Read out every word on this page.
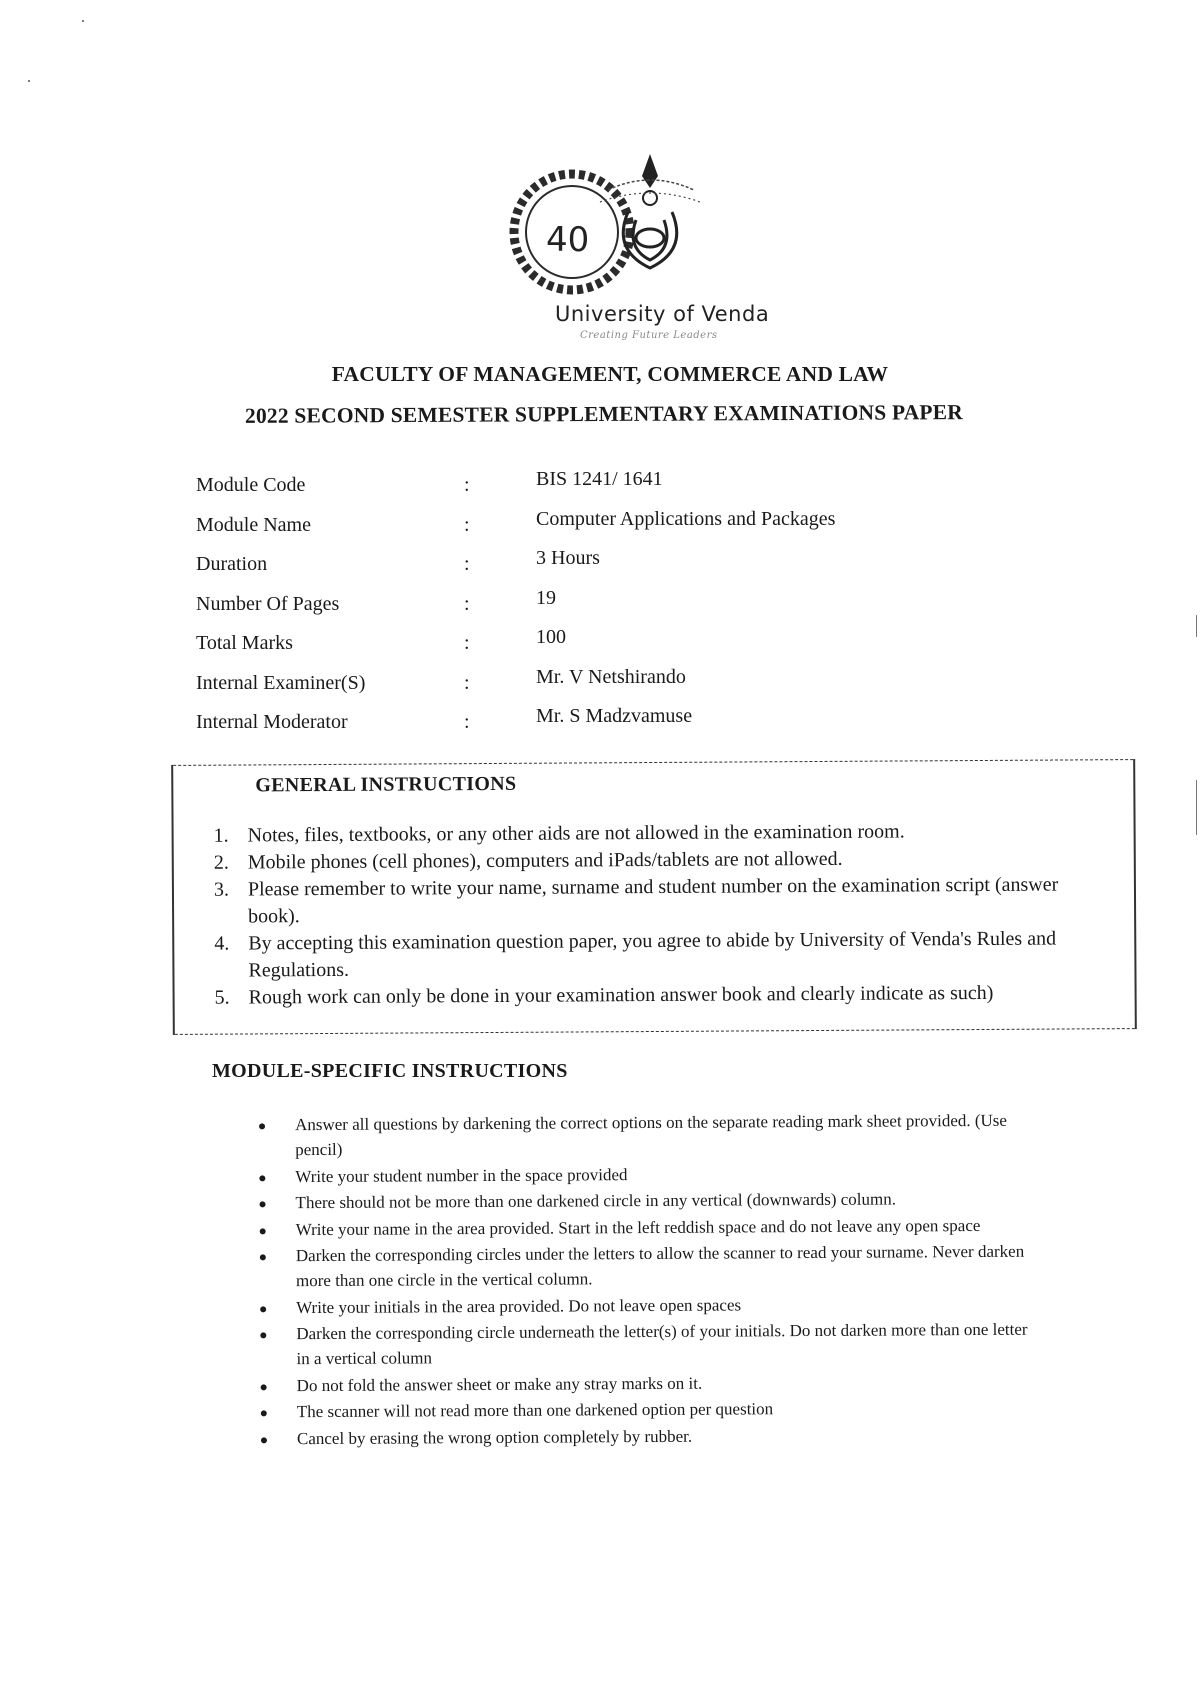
40
University of Venda
Creating Future Leaders
FACULTY OF MANAGEMENT, COMMERCE AND LAW
2022 SECOND SEMESTER SUPPLEMENTARY EXAMINATIONS PAPER
Module Code	:	BIS 1241/ 1641
Module Name	:	Computer Applications and Packages
Duration	:	3 Hours
Number Of Pages	:	19
Total Marks	:	100
Internal Examiner(S)	:	Mr. V Netshirando
Internal Moderator	:	Mr. S Madzvamuse
GENERAL INSTRUCTIONS
1. Notes, files, textbooks, or any other aids are not allowed in the examination room.
2. Mobile phones (cell phones), computers and iPads/tablets are not allowed.
3. Please remember to write your name, surname and student number on the examination script (answer book).
4. By accepting this examination question paper, you agree to abide by University of Venda's Rules and Regulations.
5. Rough work can only be done in your examination answer book and clearly indicate as such)
MODULE-SPECIFIC INSTRUCTIONS
Answer all questions by darkening the correct options on the separate reading mark sheet provided. (Use pencil)
Write your student number in the space provided
There should not be more than one darkened circle in any vertical (downwards) column.
Write your name in the area provided. Start in the left reddish space and do not leave any open space
Darken the corresponding circles under the letters to allow the scanner to read your surname. Never darken more than one circle in the vertical column.
Write your initials in the area provided. Do not leave open spaces
Darken the corresponding circle underneath the letter(s) of your initials. Do not darken more than one letter in a vertical column
Do not fold the answer sheet or make any stray marks on it.
The scanner will not read more than one darkened option per question
Cancel by erasing the wrong option completely by rubber.
